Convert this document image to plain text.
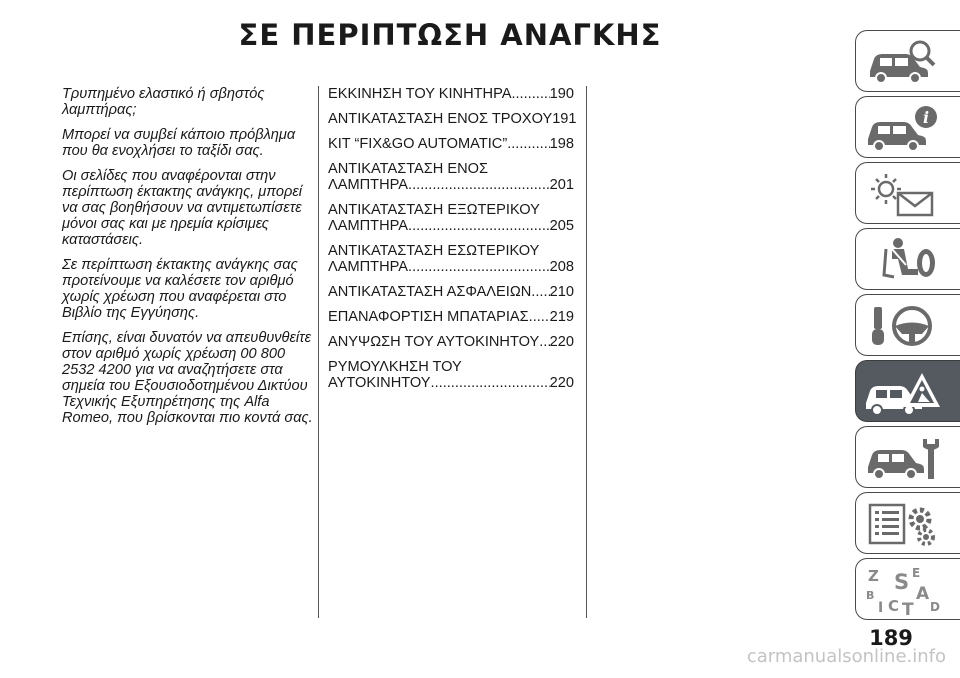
ΣΕ ΠΕΡΙΠΤΩΣΗ ΑΝΑΓΚΗΣ

Τρυπημένο ελαστικό ή σβηστός λαμπτήρας;

Μπορεί να συμβεί κάποιο πρόβλημα που θα ενοχλήσει το ταξίδι σας.

Οι σελίδες που αναφέρονται στην περίπτωση έκτακτης ανάγκης, μπορεί να σας βοηθήσουν να αντιμετωπίσετε μόνοι σας και με ηρεμία κρίσιμες καταστάσεις.

Σε περίπτωση έκτακτης ανάγκης σας προτείνουμε να καλέσετε τον αριθμό χωρίς χρέωση που αναφέρεται στο Βιβλίο της Εγγύησης.

Επίσης, είναι δυνατόν να απευθυνθείτε στον αριθμό χωρίς χρέωση 00 800 2532 4200 για να αναζητήσετε στα σημεία του Εξουσιοδοτημένου Δικτύου Τεχνικής Εξυπηρέτησης της Alfa Romeo, που βρίσκονται πιο κοντά σας.

ΕΚΚΙΝΗΣΗ ΤΟΥ ΚΙΝΗΤΗΡΑ .....	190
ΑΝΤΙΚΑΤΑΣΤΑΣΗ ΕΝΟΣ ΤΡΟΧΟΥ 191
KIT “FIX&GO AUTOMATIC” .....	198
ΑΝΤΙΚΑΤΑΣΤΑΣΗ ΕΝΟΣ
ΛΑΜΠΤΗΡΑ .....	201
ΑΝΤΙΚΑΤΑΣΤΑΣΗ ΕΞΩΤΕΡΙΚΟΥ
ΛΑΜΠΤΗΡΑ .....	205
ΑΝΤΙΚΑΤΑΣΤΑΣΗ ΕΣΩΤΕΡΙΚΟΥ
ΛΑΜΠΤΗΡΑ .....	208
ΑΝΤΙΚΑΤΑΣΤΑΣΗ ΑΣΦΑΛΕΙΩΝ ..... 210
ΕΠΑΝΑΦΟΡΤΙΣΗ ΜΠΑΤΑΡΙΑΣ ..... 219
ΑΝΥΨΩΣΗ ΤΟΥ ΑΥΤΟΚΙΝΗΤΟΥ ..... 220
ΡΥΜΟΥΛΚΗΣΗ ΤΟΥ
ΑΥΤΟΚΙΝΗΤΟΥ .....	220
i
Z	E
S
B A
I C	D
T
189
carmanualsonline.info
